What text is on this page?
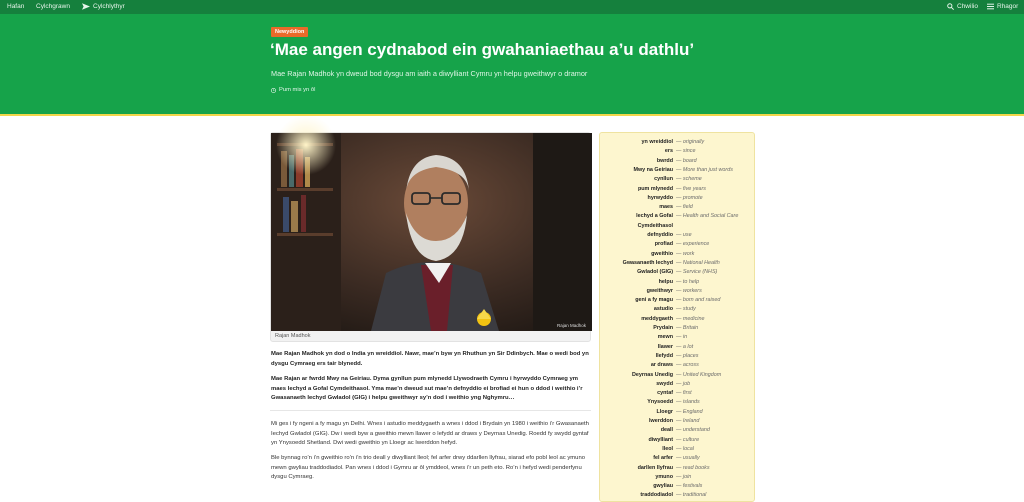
Hafan Cylchgrawn	Cylchlythyr	Chwilio	Rhagor
Newyddion
‘Mae angen cydnabod ein gwahaniaethau a’u dathlu’

Mae Rajan Madhok yn dweud bod dysgu am iaith a diwylliant Cymru yn helpu gweithwyr o dramor

Pum mis yn ôl
Rajan Madhok
Rajan Madhok

Mae Rajan Madhok yn dod o India yn wreiddiol. Nawr, mae’n byw yn Rhuthun yn Sir Ddinbych. Mae o wedi bod yn dysgu Cymraeg ers tair blynedd.

Mae Rajan ar fwrdd Mwy na Geiriau. Dyma gynllun pum mlynedd Llywodraeth Cymru i hyrwyddo Cymraeg ym maes Iechyd a Gofal Cymdeithasol. Yma mae’n dweud sut mae’n defnyddio ei brofiad ei hun o ddod i weithio i’r Gwasanaeth Iechyd Gwladol (GIG) i helpu gweithwyr sy’n dod i weithio yng Nghymru…

Mi ges i fy ngeni a fy magu yn Delhi. Wnes i astudio meddygaeth a wnes i ddod i Brydain yn 1980 i weithio i’r Gwasanaeth Iechyd Gwladol (GIG). Dw i wedi byw a gweithio mewn llawer o lefydd ar draws y Deyrnas Unedig. Roedd fy swydd gyntaf yn Ynysoedd Shetland. Dwi wedi gweithio yn Lloegr ac Iwerddon hefyd.

Ble bynnag ro’n i’n gweithio ro’n i’n trio deall y diwylliant lleol; fel arfer drwy ddarllen llyfrau, siarad efo pobl leol ac ymuno mewn gwyliau traddodiadol. Pan wnes i ddod i Gymru ar ôl ymddeol, wnes i’r un peth eto. Ro’n i hefyd wedi penderfynu dysgu Cymraeg.

yn wreiddiol — originally
ers — since
bwrdd — board
Mwy na Geiriau — More than just words
cynllun — scheme
pum mlynedd — five years
hyrwyddo — promote
maes — field
Iechyd a Gofal — Health and Social Care
Cymdeithasol
defnyddio — use
profiad — experience
gweithio — work
Gwasanaeth Iechyd — National Health
Gwladol (GIG) — Service (NHS)
helpu — to help
gweithwyr — workers
geni a fy magu — born and raised
astudio — study
meddygaeth — medicine
Prydain — Britain
mewn — in
llawer — a lot
llefydd — places
ar draws — across
Deyrnas Unedig — United Kingdom
swydd — job
cyntaf — first
Ynysoedd — islands
Lloegr — England
Iwerddon — Ireland
deall — understand
diwylliant — culture
lleol — local
fel arfer — usually
darllen llyfrau — read books
ymuno — join
gwyliau — festivals
traddodiadol — traditional
